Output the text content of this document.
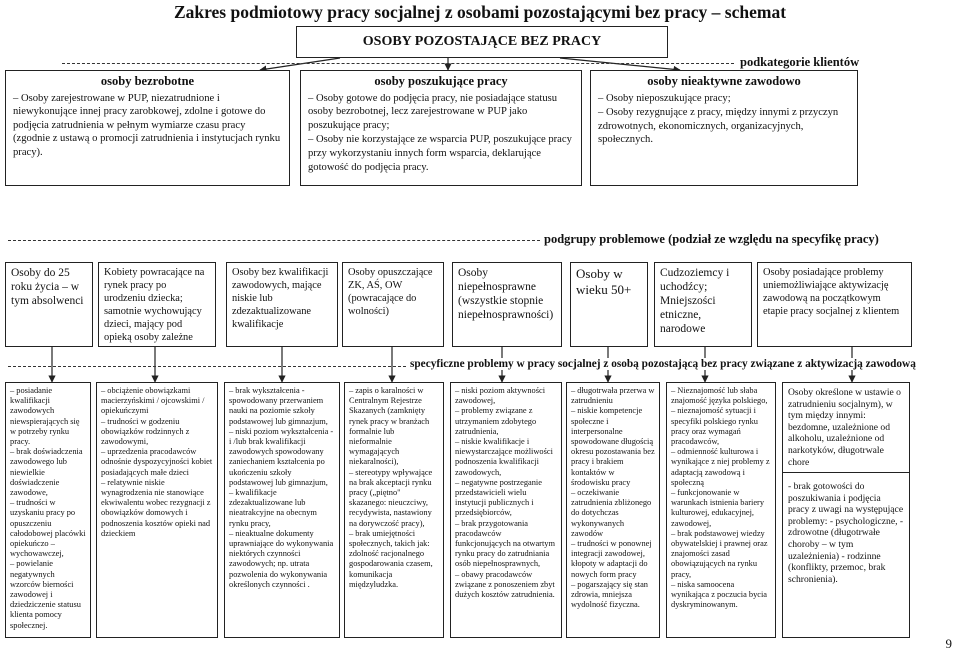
Zakres podmiotowy pracy socjalnej z osobami pozostającymi bez pracy – schemat
OSOBY POZOSTAJĄCE BEZ PRACY
podkategorie klientów
podgrupy problemowe (podział ze względu na specyfikę pracy)
specyficzne problemy w pracy socjalnej z osobą pozostającą bez pracy związane z aktywizacją zawodową
osoby bezrobotne

– Osoby zarejestrowane w PUP, niezatrudnione i niewykonujące innej pracy zarobkowej, zdolne i gotowe do podjęcia zatrudnienia w pełnym wymiarze czasu pracy (zgodnie z ustawą o promocji zatrudnienia i instytucjach rynku pracy).

osoby poszukujące pracy

– Osoby gotowe do podjęcia pracy, nie posiadające statusu osoby bezrobotnej, lecz zarejestrowane w PUP jako poszukujące pracy;

– Osoby nie korzystające ze wsparcia PUP, poszukujące pracy przy wykorzystaniu innych form wsparcia, deklarujące gotowość do podjęcia pracy.

osoby nieaktywne zawodowo

– Osoby nieposzukujące pracy;

– Osoby rezygnujące z pracy, między innymi z przyczyn zdrowotnych, ekonomicznych, organizacyjnych, społecznych.

Osoby do 25 roku życia – w tym absolwenci
Kobiety powracające na rynek pracy po urodzeniu dziecka; samotnie wychowujący dzieci, mający pod opieką osoby zależne
Osoby bez kwalifikacji zawodowych, mające niskie lub zdezaktualizowane kwalifikacje
Osoby opuszczające ZK, AŚ, OW (powracające do wolności)
Osoby niepełnosprawne (wszystkie stopnie niepełnosprawności)
Osoby w wieku 50+
Cudzoziemcy i uchodźcy; Mniejszości etniczne, narodowe
Osoby posiadające problemy uniemożliwiające aktywizację zawodową na początkowym etapie pracy socjalnej z klientem

– posiadanie kwalifikacji zawodowych niewspierających się w potrzeby rynku pracy.

– brak doświadczenia zawodowego lub niewielkie doświadczenie zawodowe,

– trudności w uzyskaniu pracy po opuszczeniu całodobowej placówki opiekuńczo – wychowawczej,

– powielanie negatywnych wzorców bierności zawodowej i dziedziczenie statusu klienta pomocy społecznej.

– obciążenie obowiązkami macierzyńskimi / ojcowskimi / opiekuńczymi

– trudności w godzeniu obowiązków rodzinnych z zawodowymi,

– uprzedzenia pracodawców odnośnie dyspozycyjności kobiet posiadających małe dzieci

– relatywnie niskie wynagrodzenia nie stanowiące ekwiwalentu wobec rezygnacji z obowiązków domowych i podnoszenia kosztów opieki nad dzieckiem

– brak wykształcenia - spowodowany przerwaniem nauki na poziomie szkoły podstawowej lub gimnazjum,

– niski poziom wykształcenia - i /lub brak kwalifikacji zawodowych spowodowany zaniechaniem kształcenia po ukończeniu szkoły podstawowej lub gimnazjum,

– kwalifikacje zdezaktualizowane lub nieatrakcyjne na obecnym rynku pracy,

– nieaktualne dokumenty uprawniające do wykonywania niektórych czynności zawodowych; np. utrata pozwolenia do wykonywania określonych czynności .

– zapis o karalności w Centralnym Rejestrze Skazanych (zamknięty rynek pracy w branżach formalnie lub nieformalnie wymagających niekaralności),

– stereotypy wpływające na brak akceptacji rynku pracy („piętno" skazanego: nieuczciwy, recydywista, nastawiony na dorywczość pracy),

– brak umiejętności społecznych, takich jak: zdolność racjonalnego gospodarowania czasem, komunikacja międzyludzka.

– niski poziom aktywności zawodowej,

– problemy związane z utrzymaniem zdobytego zatrudnienia,

– niskie kwalifikacje i niewystarczające możliwości podnoszenia kwalifikacji zawodowych,

– negatywne postrzeganie przedstawicieli wielu instytucji publicznych i przedsiębiorców,

– brak przygotowania pracodawców funkcjonujących na otwartym rynku pracy do zatrudniania osób niepełnosprawnych,

– obawy pracodawców związane z ponoszeniem zbyt dużych kosztów zatrudnienia.

– długotrwała przerwa w zatrudnieniu

– niskie kompetencje społeczne i interpersonalne spowodowane długością okresu pozostawania bez pracy i brakiem kontaktów w środowisku pracy

– oczekiwanie zatrudnienia zbliżonego do dotychczas wykonywanych zawodów

– trudności w ponownej integracji zawodowej, kłopoty w adaptacji do nowych form pracy

– pogarszający się stan zdrowia, mniejsza wydolność fizyczna.

– Nieznajomość lub słaba znajomość języka polskiego,

– nieznajomość sytuacji i specyfiki polskiego rynku pracy oraz wymagań pracodawców,

– odmienność kulturowa i wynikające z niej problemy z adaptacją zawodową i społeczną

– funkcjonowanie w warunkach istnienia bariery kulturowej, edukacyjnej, zawodowej,

– brak podstawowej wiedzy obywatelskiej i prawnej oraz znajomości zasad obowiązujących na rynku pracy,

– niska samoocena wynikająca z poczucia bycia dyskryminowanym.

Osoby określone w ustawie o zatrudnieniu socjalnym), w tym między innymi: bezdomne, uzależnione od alkoholu, uzależnione od narkotyków, długotrwale chore
- brak gotowości do poszukiwania i podjęcia pracy z uwagi na występujące problemy: - psychologiczne, - zdrowotne (długotrwałe choroby – w tym uzależnienia) - rodzinne (konflikty, przemoc, brak schronienia).
9
